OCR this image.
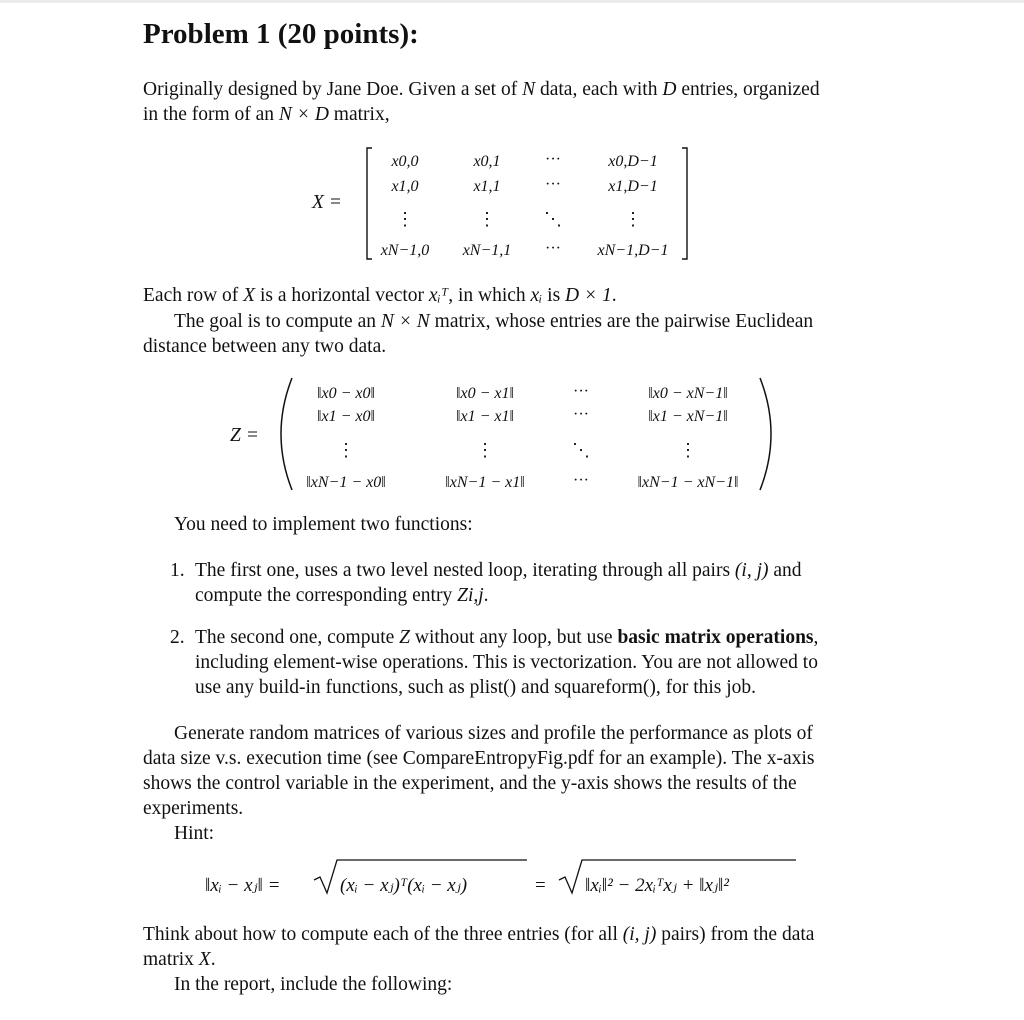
Problem 1 (20 points):
Originally designed by Jane Doe. Given a set of N data, each with D entries, organized
in the form of an N × D matrix,
X =
x0,0	x0,1	···	x0,D−1
x1,0	x1,1	···	x1,D−1
⋮	⋮	⋱	⋮
xN−1,0 xN−1,1 ··· xN−1,D−1
Z =
‖x0 − x0‖	‖x0 − x1‖	···	‖x0 − xN−1‖
‖x1 − x0‖	‖x1 − x1‖	···	‖x1 − xN−1‖
⋮	⋮	⋱	⋮
‖xN−1 − x0‖	‖xN−1 − x1‖	···	‖xN−1 − xN−1‖
‖xᵢ − xⱼ‖ =	(xᵢ − xⱼ)ᵀ(xᵢ − xⱼ)	= ‖xᵢ‖² − 2xᵢᵀxⱼ + ‖xⱼ‖²
Each row of X is a horizontal vector xᵢᵀ, in which xᵢ is D × 1.
The goal is to compute an N × N matrix, whose entries are the pairwise Euclidean
distance between any two data.
You need to implement two functions:
1. The first one, uses a two level nested loop, iterating through all pairs (i, j) and
compute the corresponding entry Zi,j.
2. The second one, compute Z without any loop, but use basic matrix operations,
including element-wise operations. This is vectorization. You are not allowed to
use any build-in functions, such as plist() and squareform(), for this job.
Generate random matrices of various sizes and profile the performance as plots of
data size v.s. execution time (see CompareEntropyFig.pdf for an example). The x-axis
shows the control variable in the experiment, and the y-axis shows the results of the
experiments.
Hint:
Think about how to compute each of the three entries (for all (i, j) pairs) from the data
matrix X.
In the report, include the following:
